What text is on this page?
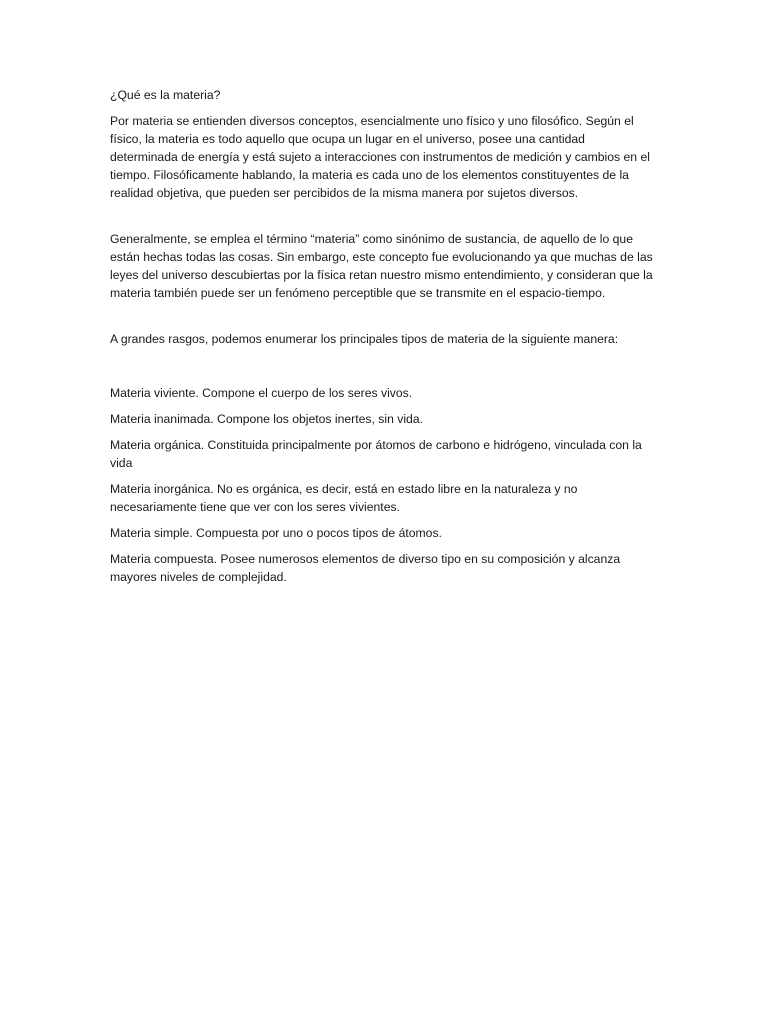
¿Qué es la materia?

Por materia se entienden diversos conceptos, esencialmente uno físico y uno filosófico. Según el físico, la materia es todo aquello que ocupa un lugar en el universo, posee una cantidad determinada de energía y está sujeto a interacciones con instrumentos de medición y cambios en el tiempo. Filosóficamente hablando, la materia es cada uno de los elementos constituyentes de la realidad objetiva, que pueden ser percibidos de la misma manera por sujetos diversos.

Generalmente, se emplea el término “materia” como sinónimo de sustancia, de aquello de lo que están hechas todas las cosas. Sin embargo, este concepto fue evolucionando ya que muchas de las leyes del universo descubiertas por la física retan nuestro mismo entendimiento, y consideran que la materia también puede ser un fenómeno perceptible que se transmite en el espacio-tiempo.

A grandes rasgos, podemos enumerar los principales tipos de materia de la siguiente manera:

Materia viviente. Compone el cuerpo de los seres vivos.

Materia inanimada. Compone los objetos inertes, sin vida.

Materia orgánica. Constituida principalmente por átomos de carbono e hidrógeno, vinculada con la vida

Materia inorgánica. No es orgánica, es decir, está en estado libre en la naturaleza y no necesariamente tiene que ver con los seres vivientes.

Materia simple. Compuesta por uno o pocos tipos de átomos.

Materia compuesta. Posee numerosos elementos de diverso tipo en su composición y alcanza mayores niveles de complejidad.
